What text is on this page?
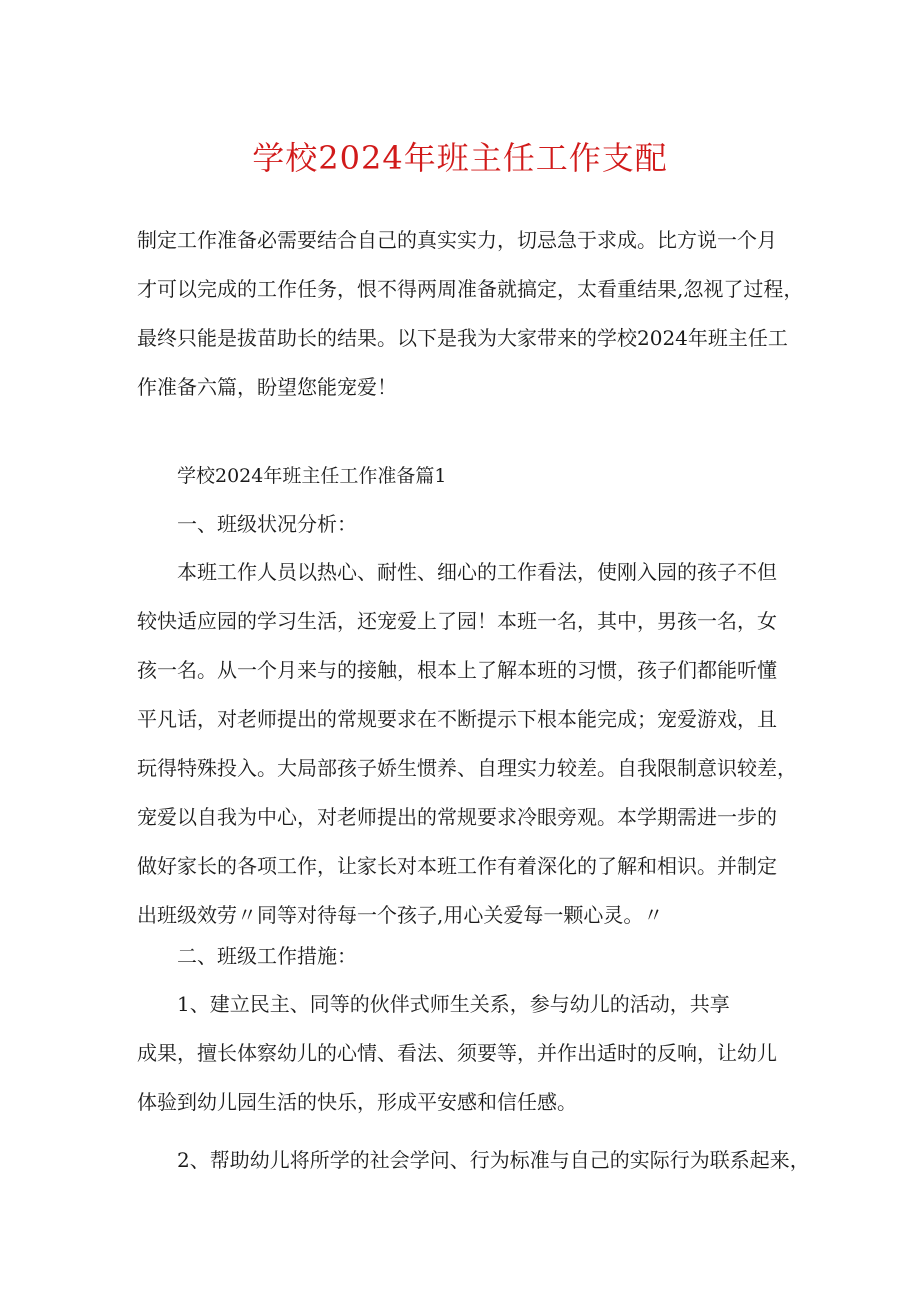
学校2024年班主任工作支配
制定工作准备必需要结合自己的真实实力，切忌急于求成。比方说一个月
才可以完成的工作任务，恨不得两周准备就搞定，太看重结果,忽视了过程，
最终只能是拔苗助长的结果。以下是我为大家带来的学校2024年班主任工
作准备六篇，盼望您能宠爱！
学校2024年班主任工作准备篇1
一、班级状况分析：
本班工作人员以热心、耐性、细心的工作看法，使刚入园的孩子不但
较快适应园的学习生活，还宠爱上了园！本班一名，其中，男孩一名，女
孩一名。从一个月来与的接触，根本上了解本班的习惯，孩子们都能听懂
平凡话，对老师提出的常规要求在不断提示下根本能完成；宠爱游戏，且
玩得特殊投入。大局部孩子娇生惯养、自理实力较差。自我限制意识较差，
宠爱以自我为中心，对老师提出的常规要求冷眼旁观。本学期需进一步的
做好家长的各项工作，让家长对本班工作有着深化的了解和相识。并制定
出班级效劳〃同等对待每一个孩子,用心关爱每一颗心灵。〃
二、班级工作措施：
1、建立民主、同等的伙伴式师生关系，参与幼儿的活动，共享
成果，擅长体察幼儿的心情、看法、须要等，并作出适时的反响，让幼儿
体验到幼儿园生活的快乐，形成平安感和信任感。
2、帮助幼儿将所学的社会学问、行为标准与自己的实际行为联系起来，
